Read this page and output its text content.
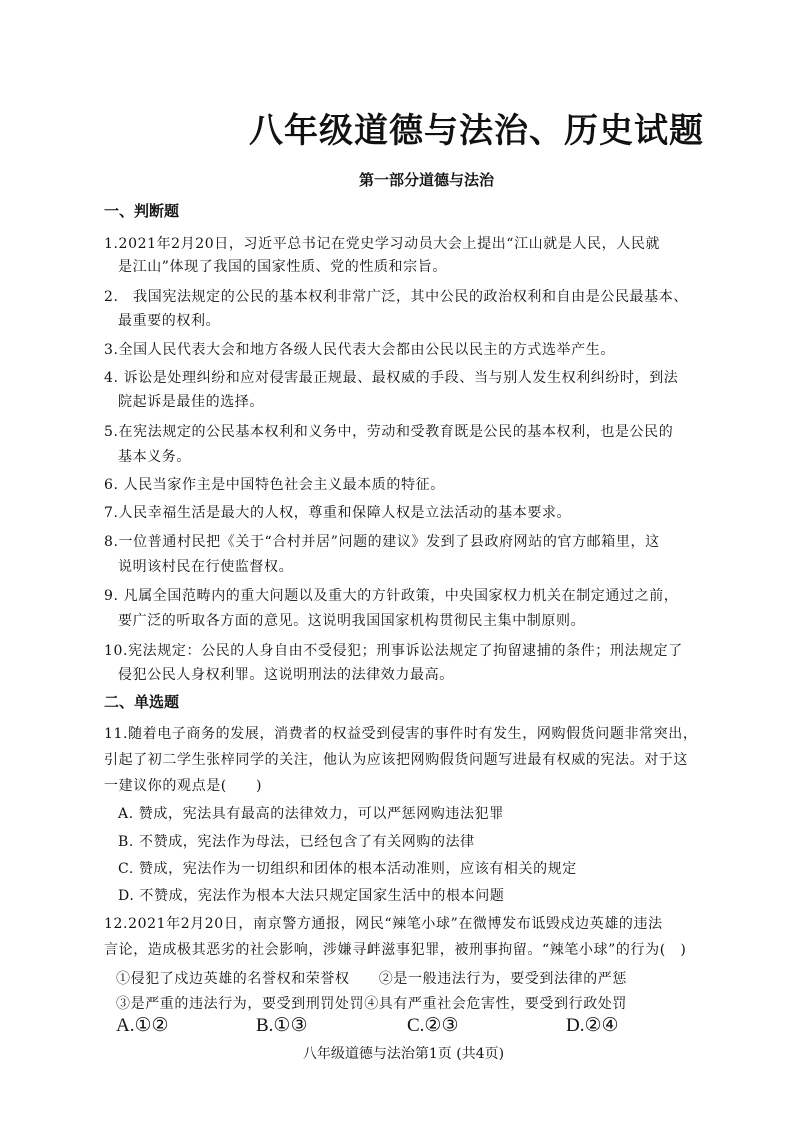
八年级道德与法治、历史试题
第一部分道德与法治
一、判断题
1.2021年2月20日，习近平总书记在党史学习动员大会上提出“江山就是人民，人民就
是江山”体现了我国的国家性质、党的性质和宗旨。
2.　我国宪法规定的公民的基本权利非常广泛，其中公民的政治权利和自由是公民最基本、
最重要的权利。
3.全国人民代表大会和地方各级人民代表大会都由公民以民主的方式选举产生。
4. 诉讼是处理纠纷和应对侵害最正规最、最权威的手段、当与别人发生权利纠纷时，到法
院起诉是最佳的选择。
5.在宪法规定的公民基本权利和义务中，劳动和受教育既是公民的基本权利，也是公民的
基本义务。
6. 人民当家作主是中国特色社会主义最本质的特征。
7.人民幸福生活是最大的人权，尊重和保障人权是立法活动的基本要求。
8.一位普通村民把《关于“合村并居”问题的建议》发到了县政府网站的官方邮箱里，这
说明该村民在行使监督权。
9. 凡属全国范畴内的重大问题以及重大的方针政策，中央国家权力机关在制定通过之前，
要广泛的听取各方面的意见。这说明我国国家机构贯彻民主集中制原则。
10.宪法规定：公民的人身自由不受侵犯；刑事诉讼法规定了拘留逮捕的条件；刑法规定了
侵犯公民人身权利罪。这说明刑法的法律效力最高。
二、单选题
11.随着电子商务的发展，消费者的权益受到侵害的事件时有发生，网购假货问题非常突出，
引起了初二学生张梓同学的关注，他认为应该把网购假货问题写进最有权威的宪法。对于这
一建议你的观点是(　　)
A. 赞成，宪法具有最高的法律效力，可以严惩网购违法犯罪
B. 不赞成，宪法作为母法，已经包含了有关网购的法律
C. 赞成，宪法作为一切组织和团体的根本活动准则，应该有相关的规定
D. 不赞成，宪法作为根本大法只规定国家生活中的根本问题
12.2021年2月20日，南京警方通报，网民“辣笔小球”在微博发布诋毁戍边英雄的违法
言论，造成极其恶劣的社会影响，涉嫌寻衅滋事犯罪，被刑事拘留。“辣笔小球”的行为(　)
①侵犯了戍边英雄的名誉权和荣誉权　　②是一般违法行为，要受到法律的严惩
③是严重的违法行为，要受到刑罚处罚④具有严重社会危害性，要受到行政处罚
A.①②	B.①③	C.②③	D.②④
八年级道德与法治第1页 (共4页)
